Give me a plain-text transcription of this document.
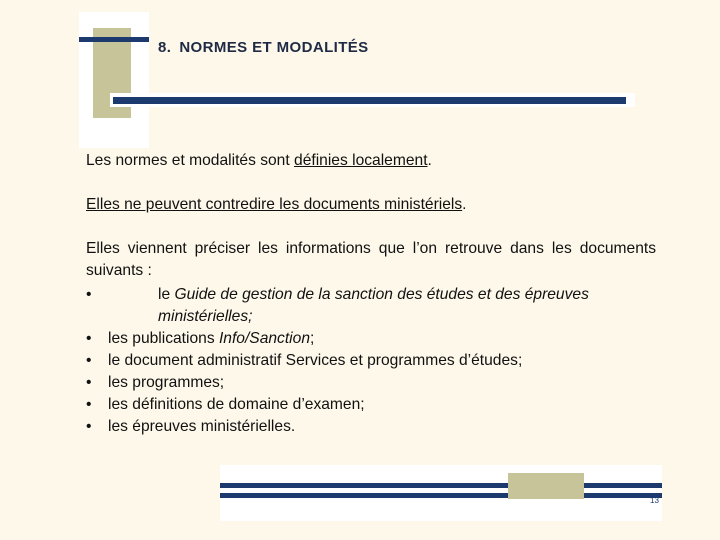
8. NORMES ET MODALITÉS

Les normes et modalités sont définies localement.

Elles ne peuvent contredire les documents ministériels.

Elles viennent préciser les informations que l’on retrouve dans les documents suivants :

•	le Guide de gestion de la sanction des études et des épreuves ministérielles;
• les publications Info/Sanction;
• le document administratif Services et programmes d’études;
• les programmes;
• les définitions de domaine d’examen;
• les épreuves ministérielles.
13
